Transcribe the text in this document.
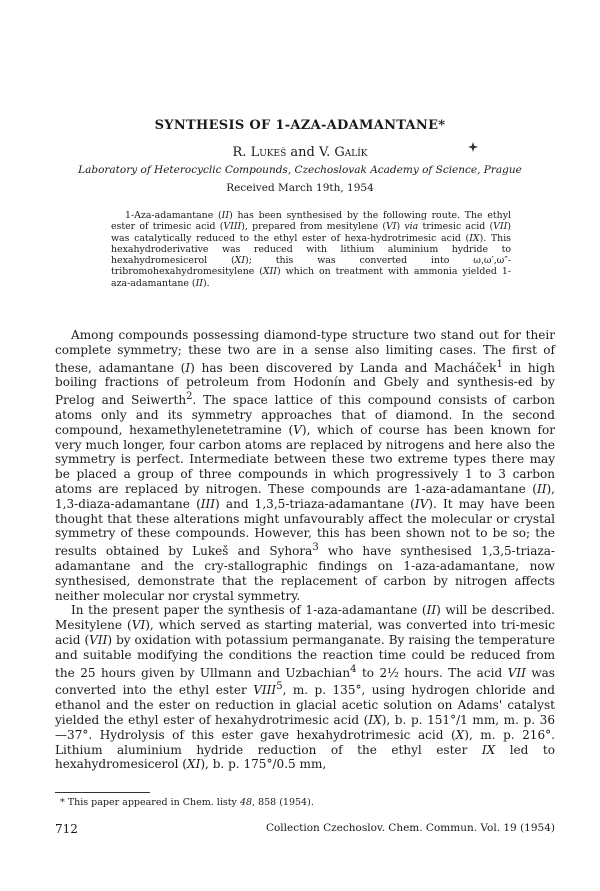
SYNTHESIS OF 1-AZA-ADAMANTANE*
R. Lukeš and V. Galík
Laboratory of Heterocyclic Compounds, Czechoslovak Academy of Science, Prague
Received March 19th, 1954

1-Aza-adamantane (II) has been synthesised by the following route. The ethyl ester of trimesic acid (VIII), prepared from mesitylene (VI) via trimesic acid (VII) was catalytically reduced to the ethyl ester of hexa-hydrotrimesic acid (IX). This hexahydroderivative was reduced with lithium aluminium hydride to hexahydromesicerol (XI); this was converted into ω,ω′,ω″-tribromohexahydromesitylene (XII) which on treatment with ammonia yielded 1-aza-adamantane (II).

Among compounds possessing diamond-type structure two stand out for their complete symmetry; these two are in a sense also limiting cases. The first of these, adamantane (I) has been discovered by Landa and Macháček$^1$ in high boiling fractions of petroleum from Hodonín and Gbely and synthesis-ed by Prelog and Seiwerth$^2$. The space lattice of this compound consists of carbon atoms only and its symmetry approaches that of diamond. In the second compound, hexamethylenetetramine (V), which of course has been known for very much longer, four carbon atoms are replaced by nitrogens and here also the symmetry is perfect. Intermediate between these two extreme types there may be placed a group of three compounds in which progressively 1 to 3 carbon atoms are replaced by nitrogen. These compounds are 1-aza-adamantane (II), 1,3-diaza-adamantane (III) and 1,3,5-triaza-adamantane (IV). It may have been thought that these alterations might unfavourably affect the molecular or crystal symmetry of these compounds. However, this has been shown not to be so; the results obtained by Lukeš and Syhora$^3$ who have synthesised 1,3,5-triaza-adamantane and the cry-stallographic findings on 1-aza-adamantane, now synthesised, demonstrate that the replacement of carbon by nitrogen affects neither molecular nor crystal symmetry.

In the present paper the synthesis of 1-aza-adamantane (II) will be described. Mesitylene (VI), which served as starting material, was converted into tri-mesic acid (VII) by oxidation with potassium permanganate. By raising the temperature and suitable modifying the conditions the reaction time could be reduced from the 25 hours given by Ullmann and Uzbachian$^4$ to 2½ hours. The acid VII was converted into the ethyl ester VIII$^5$, m. p. 135°, using hydrogen chloride and ethanol and the ester on reduction in glacial acetic solution on Adams' catalyst yielded the ethyl ester of hexahydrotrimesic acid (IX), b. p. 151°/1 mm, m. p. 36—37°. Hydrolysis of this ester gave hexahydrotrimesic acid (X), m. p. 216°. Lithium aluminium hydride reduction of the ethyl ester IX led to hexahydromesicerol (XI), b. p. 175°/0.5 mm,

* This paper appeared in Chem. listy 48, 858 (1954).
712	Collection Czechoslov. Chem. Commun. Vol. 19 (1954)
